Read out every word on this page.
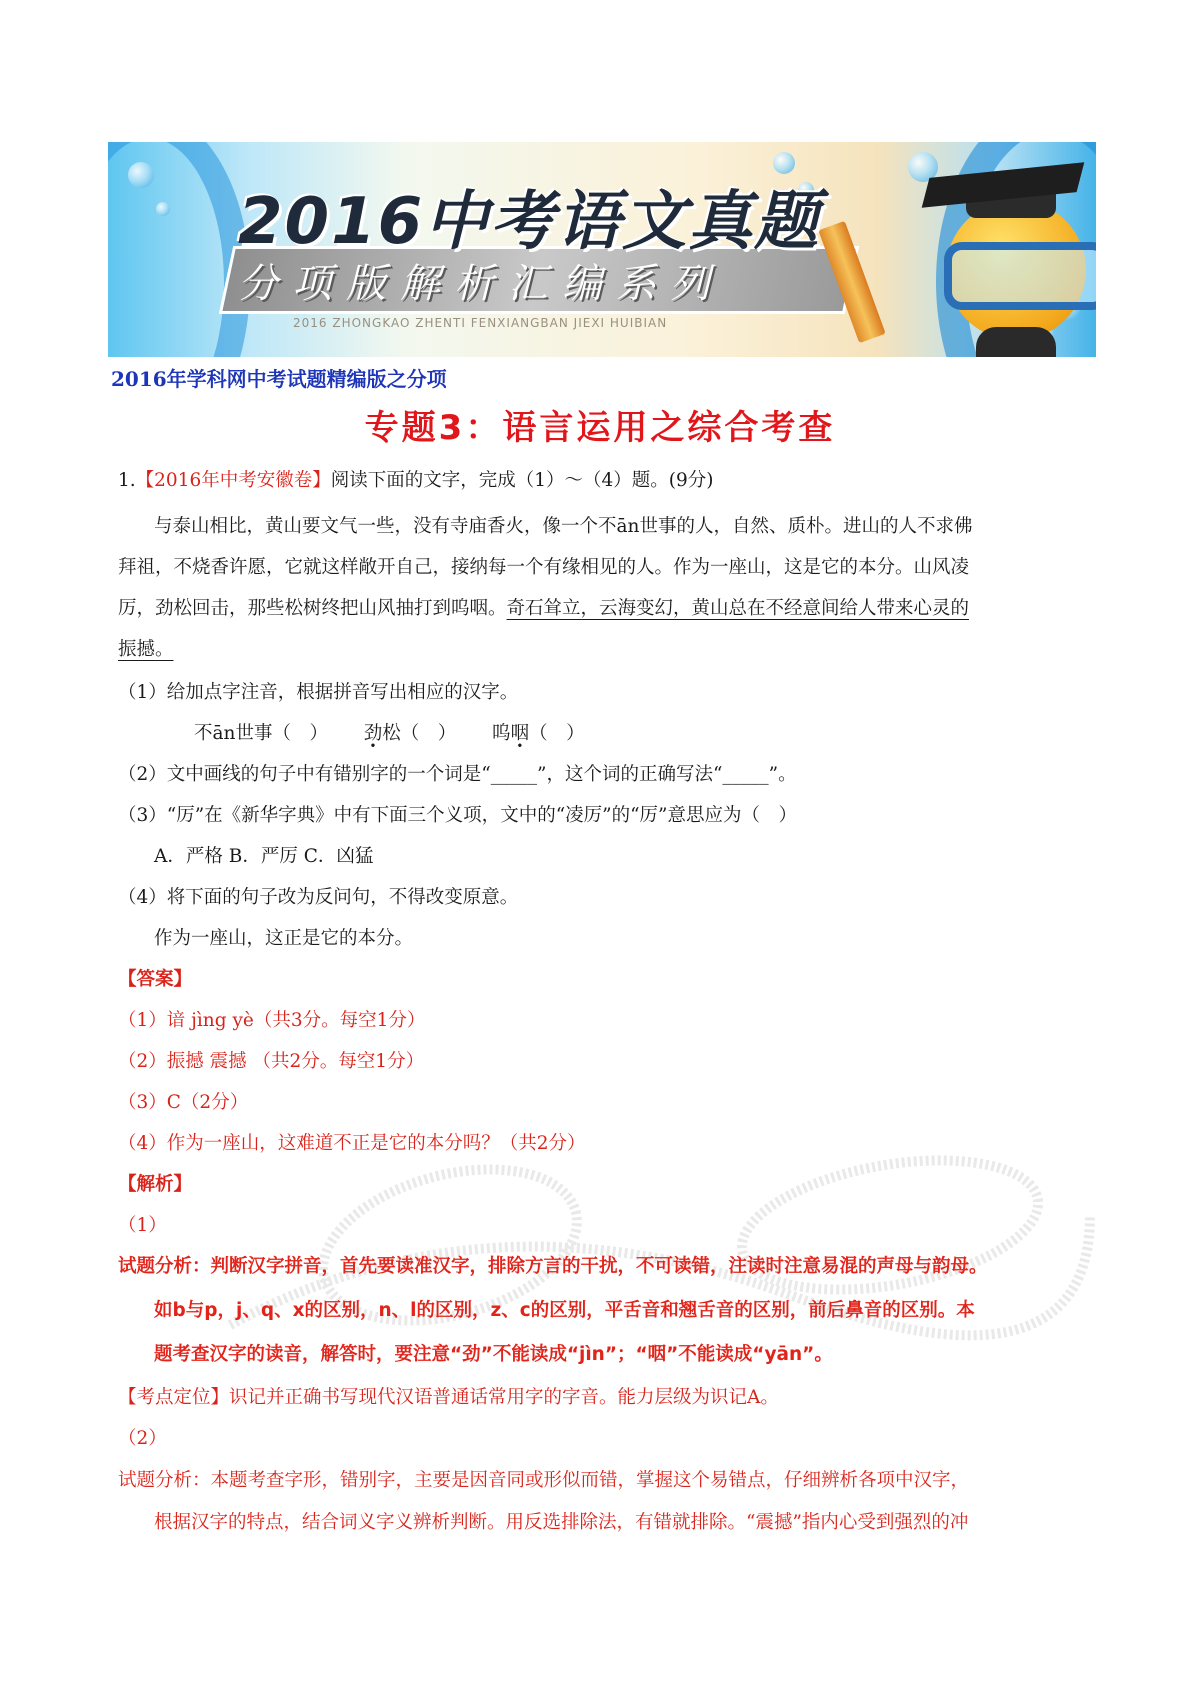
2016中考语文真题
分项版解析汇编系列
2016 ZHONGKAO ZHENTI FENXIANGBAN JIEXI HUIBIAN
2016年学科网中考试题精编版之分项
专题3：语言运用之综合考查
1.【2016年中考安徽卷】阅读下面的文字，完成（1）～（4）题。(9分)
与泰山相比，黄山要文气一些，没有寺庙香火，像一个不ān世事的人，自然、质朴。进山的人不求佛
拜祖，不烧香许愿，它就这样敞开自己，接纳每一个有缘相见的人。作为一座山，这是它的本分。山风凌
厉，劲松回击，那些松树终把山风抽打到呜咽。奇石耸立，云海变幻，黄山总在不经意间给人带来心灵的
振撼。
（1）给加点字注音，根据拼音写出相应的汉字。
不ān世事（　） 劲松（　） 呜咽（　）
（2）文中画线的句子中有错别字的一个词是“_____”，这个词的正确写法“_____”。
（3）“厉”在《新华字典》中有下面三个义项，文中的“凌厉”的“厉”意思应为（　）
A．严格 B．严厉 C．凶猛
（4）将下面的句子改为反问句，不得改变原意。
作为一座山，这正是它的本分。
【答案】
（1）谙 jìng yè（共3分。每空1分）
（2）振撼 震撼 （共2分。每空1分）
（3）C（2分）
（4）作为一座山，这难道不正是它的本分吗？（共2分）
【解析】
（1）
试题分析：判断汉字拼音，首先要读准汉字，排除方言的干扰，不可读错，注读时注意易混的声母与韵母。
如b与p，j、q、x的区别，n、l的区别，z、c的区别，平舌音和翘舌音的区别，前后鼻音的区别。本
题考查汉字的读音，解答时，要注意“劲”不能读成“jìn”；“咽”不能读成“yān”。
【考点定位】识记并正确书写现代汉语普通话常用字的字音。能力层级为识记A。
（2）
试题分析：本题考查字形，错别字，主要是因音同或形似而错，掌握这个易错点，仔细辨析各项中汉字，
根据汉字的特点，结合词义字义辨析判断。用反选排除法，有错就排除。“震撼”指内心受到强烈的冲
